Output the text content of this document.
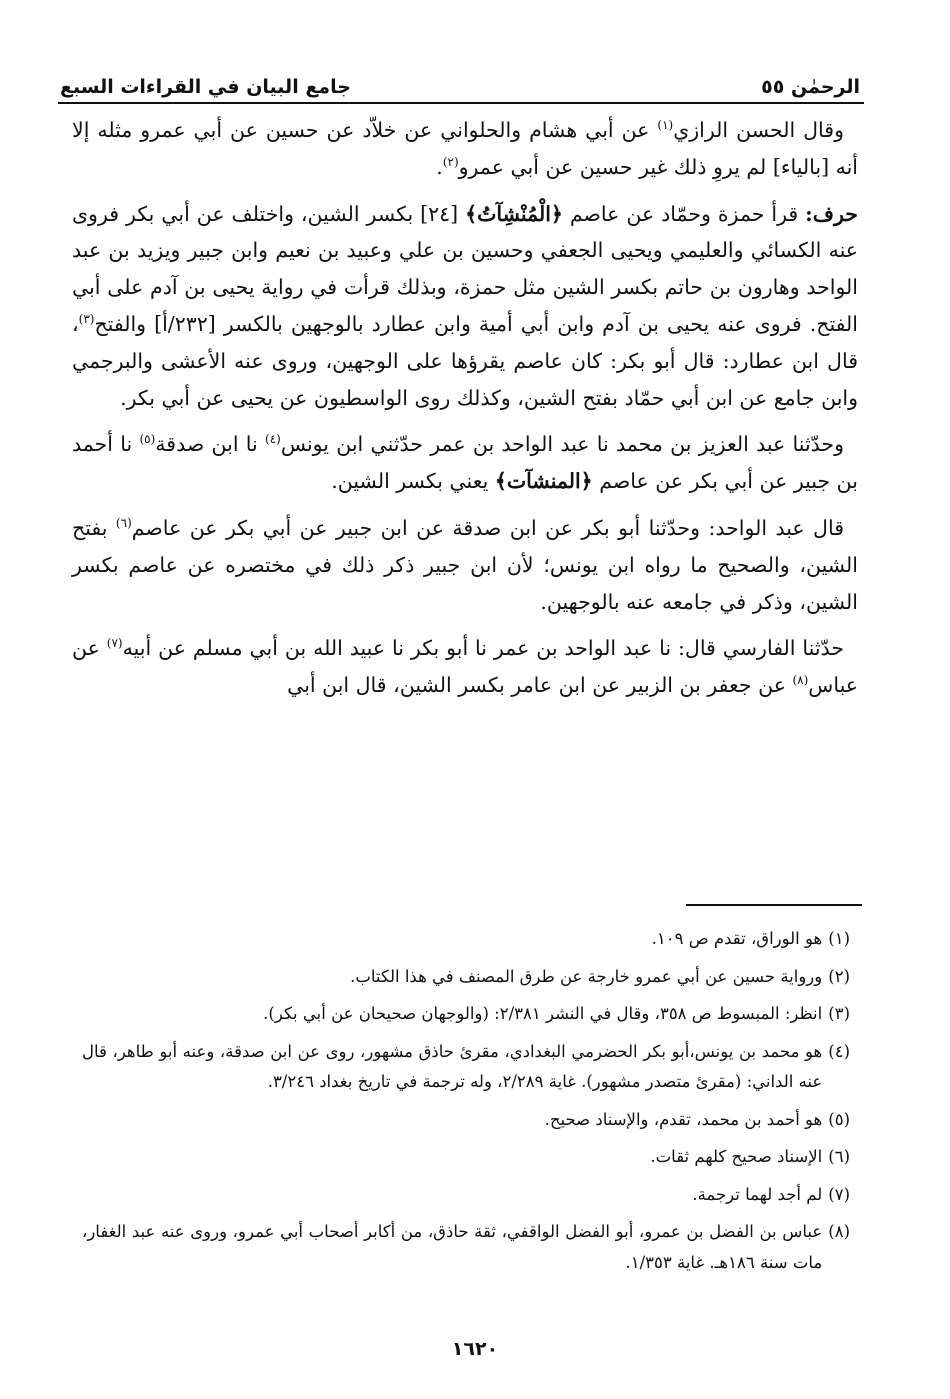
الرحمٰن ٥٥
جامع البيان في القراءات السبع

وقال الحسن الرازي$^{(١)}$ عن أبي هشام والحلواني عن خلاّد عن حسين عن أبي عمرو مثله إلا أنه [بالياء] لم يروِ ذلك غير حسين عن أبي عمرو$^{(٢)}$.

حرف: قرأ حمزة وحمّاد عن عاصم ﴿الْمُنْشِآتُ﴾ [٢٤] بكسر الشين، واختلف عن أبي بكر فروى عنه الكسائي والعليمي ويحيى الجعفي وحسين بن علي وعبيد بن نعيم وابن جبير ويزيد بن عبد الواحد وهارون بن حاتم بكسر الشين مثل حمزة، وبذلك قرأت في رواية يحيى بن آدم على أبي الفتح. فروى عنه يحيى بن آدم وابن أبي أمية وابن عطارد بالوجهين بالكسر [٢٣٢/أ] والفتح$^{(٣)}$، قال ابن عطارد: قال أبو بكر: كان عاصم يقرؤها على الوجهين، وروى عنه الأعشى والبرجمي وابن جامع عن ابن أبي حمّاد بفتح الشين، وكذلك روى الواسطيون عن يحيى عن أبي بكر.

وحدّثنا عبد العزيز بن محمد نا عبد الواحد بن عمر حدّثني ابن يونس$^{(٤)}$ نا ابن صدقة$^{(٥)}$ نا أحمد بن جبير عن أبي بكر عن عاصم ﴿المنشآت﴾ يعني بكسر الشين.

قال عبد الواحد: وحدّثنا أبو بكر عن ابن صدقة عن ابن جبير عن أبي بكر عن عاصم$^{(٦)}$ بفتح الشين، والصحيح ما رواه ابن يونس؛ لأن ابن جبير ذكر ذلك في مختصره عن عاصم بكسر الشين، وذكر في جامعه عنه بالوجهين.

حدّثنا الفارسي قال: نا عبد الواحد بن عمر نا أبو بكر نا عبيد الله بن أبي مسلم عن أبيه$^{(٧)}$ عن عباس$^{(٨)}$ عن جعفر بن الزبير عن ابن عامر بكسر الشين، قال ابن أبي

(١)
هو الوراق، تقدم ص ١٠٩.
(٢)
ورواية حسين عن أبي عمرو خارجة عن طرق المصنف في هذا الكتاب.
(٣)
انظر: المبسوط ص ٣٥٨، وقال في النشر ٢/٣٨١: (والوجهان صحيحان عن أبي بكر).
(٤)
هو محمد بن يونس،أبو بكر الحضرمي البغدادي، مقرئ حاذق مشهور، روى عن ابن صدقة، وعنه أبو طاهر، قال عنه الداني: (مقرئ متصدر مشهور). غاية ٢/٢٨٩، وله ترجمة في تاريخ بغداد ٣/٢٤٦.
(٥)
هو أحمد بن محمد، تقدم، والإسناد صحيح.
(٦)
الإسناد صحيح كلهم ثقات.
(٧)
لم أجد لهما ترجمة.
(٨)
عباس بن الفضل بن عمرو، أبو الفضل الواقفي، ثقة حاذق، من أكابر أصحاب أبي عمرو، وروى عنه عبد الغفار، مات سنة ١٨٦هـ. غاية ١/٣٥٣.
١٦٢٠
